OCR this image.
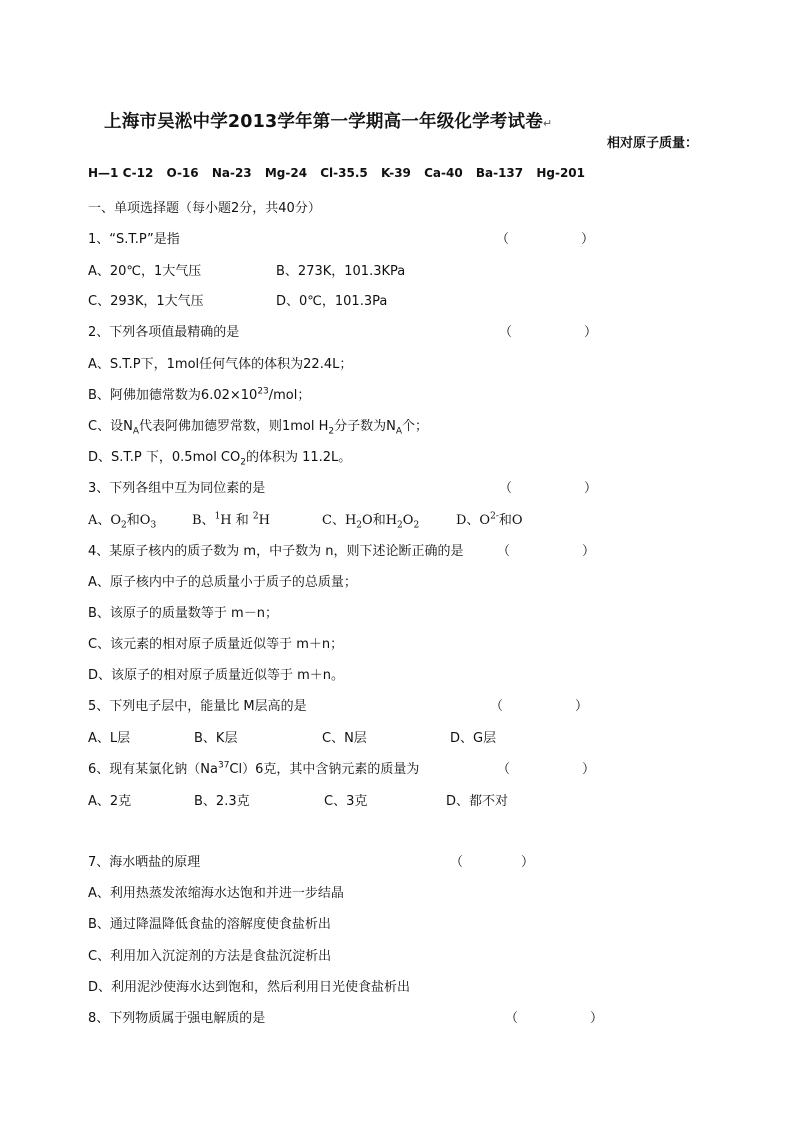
上海市吴淞中学2013学年第一学期高一年级化学考试卷↵
相对原子质量：
H—1 C-12 O-16 Na-23 Mg-24 Cl-35.5 K-39 Ca-40 Ba-137 Hg-201
一、单项选择题（每小题2分，共40分）
1、“S.T.P”是指	（	）
A、20℃，1大气压	B、273K，101.3KPa
C、293K，1大气压	D、0℃，101.3Pa
2、下列各项值最精确的是	（	）
A、S.T.P下，1mol任何气体的体积为22.4L；
B、阿佛加德常数为$6.02\times 10^{23}$/mol；
C、设$N_A$代表阿佛加德罗常数，则1mol $H_2$分子数为$N_A$个；
D、S.T.P 下，0.5mol $CO_2$的体积为 11.2L。
3、下列各组中互为同位素的是	（	）
A、$O_2$和$O_3$	B、$^1$H 和 $^2$H	C、$H_2O$和$H_2O_2$	D、$O^{2-}$和O
4、某原子核内的质子数为 m，中子数为 n，则下述论断正确的是	（	）
A、原子核内中子的总质量小于质子的总质量；
B、该原子的质量数等于 m－n；
C、该元素的相对原子质量近似等于 m＋n；
D、该原子的相对原子质量近似等于 m＋n。
5、下列电子层中，能量比 M层高的是	（	）
A、L层	B、K层	C、N层	D、G层
6、现有某氯化钠（Na$^{37}$Cl）6克，其中含钠元素的质量为	（	）
A、2克	B、2.3克	C、3克	D、都不对
7、海水晒盐的原理	（	）
A、利用热蒸发浓缩海水达饱和并进一步结晶
B、通过降温降低食盐的溶解度使食盐析出
C、利用加入沉淀剂的方法是食盐沉淀析出
D、利用泥沙使海水达到饱和，然后利用日光使食盐析出
8、下列物质属于强电解质的是	（	）
